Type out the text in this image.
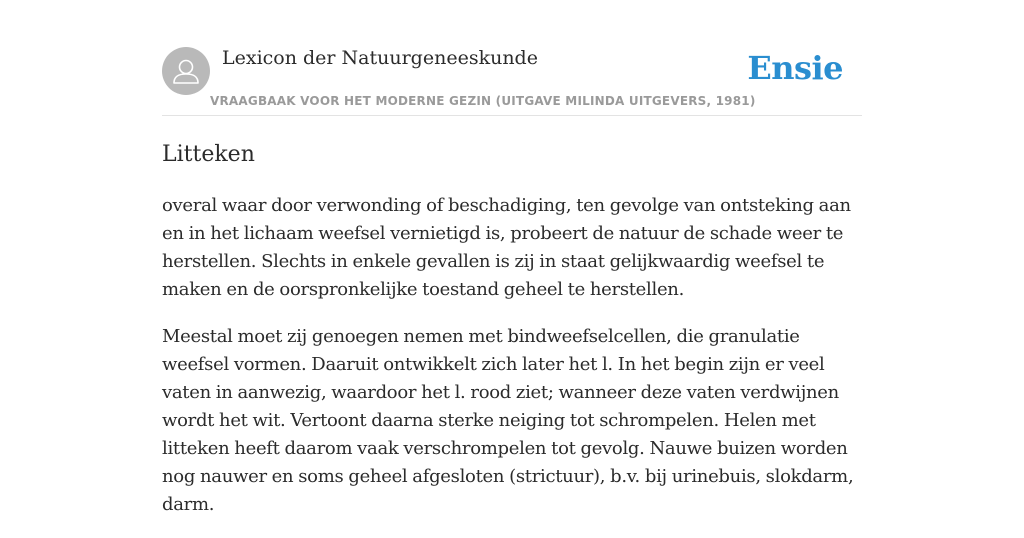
Lexicon der Natuurgeneeskunde
VRAAGBAAK VOOR HET MODERNE GEZIN (UITGAVE MILINDA UITGEVERS, 1981)
Ensie
Litteken

overal waar door verwonding of beschadiging, ten gevolge van ontsteking aan en in het lichaam weefsel vernietigd is, probeert de natuur de schade weer te herstellen. Slechts in enkele gevallen is zij in staat gelijkwaardig weefsel te maken en de oorspronkelijke toestand geheel te herstellen.

Meestal moet zij genoegen nemen met bindweefselcellen, die granulatie weefsel vormen. Daaruit ontwikkelt zich later het l. In het begin zijn er veel vaten in aanwezig, waardoor het l. rood ziet; wanneer deze vaten verdwijnen wordt het wit. Vertoont daarna sterke neiging tot schrompelen. Helen met litteken heeft daarom vaak verschrompelen tot gevolg. Nauwe buizen worden nog nauwer en soms geheel afgesloten (strictuur), b.v. bij urinebuis, slokdarm, darm.
